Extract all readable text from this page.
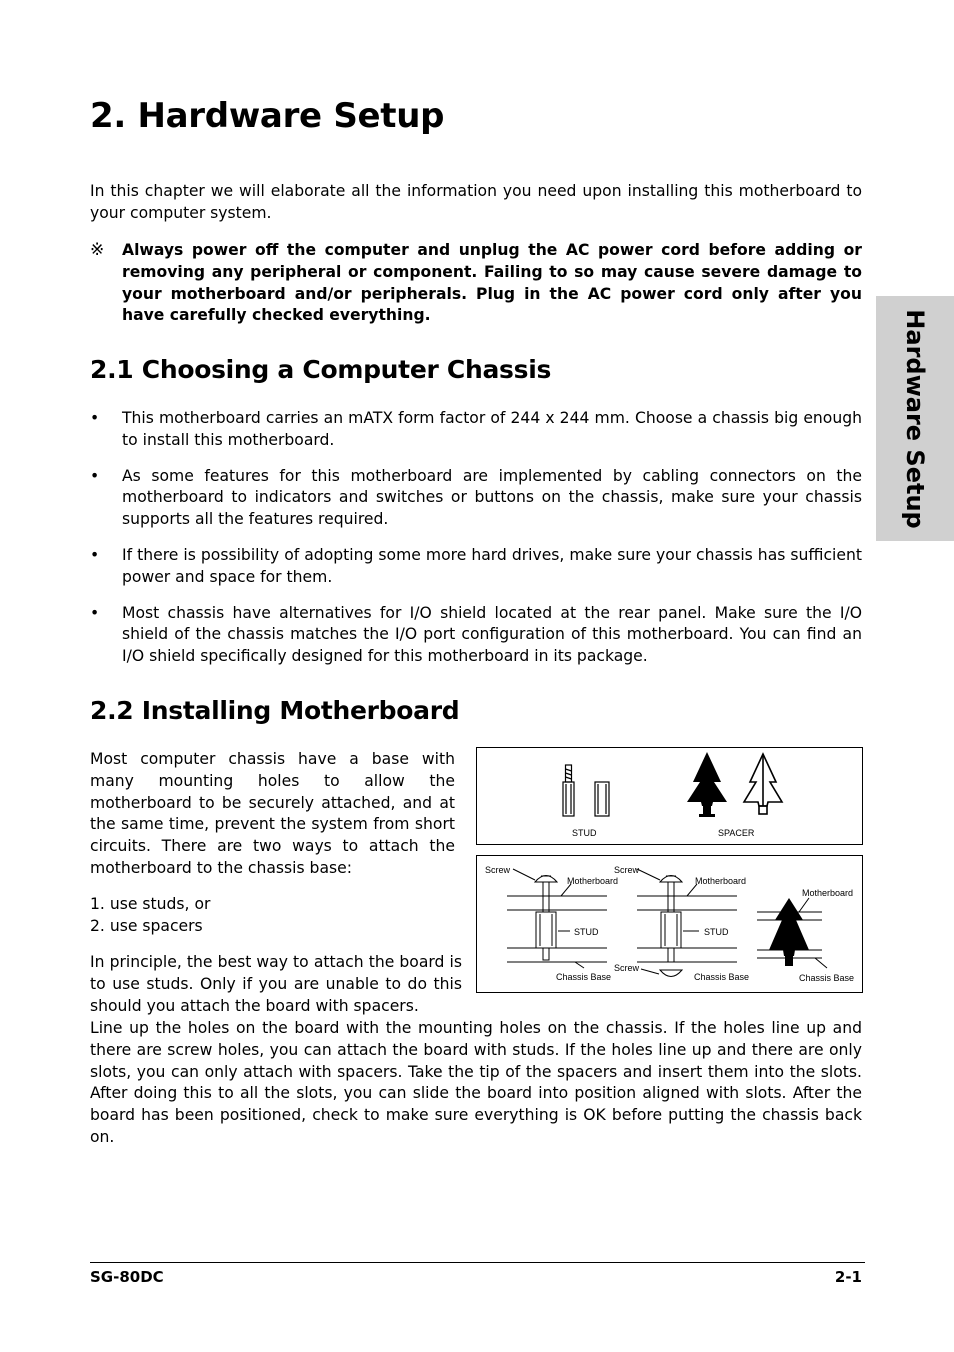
2. Hardware Setup

In this chapter we will elaborate all the information you need upon installing this motherboard to your computer system.

※ Always power off the computer and unplug the AC power cord before adding or removing any peripheral or component. Failing to so may cause severe damage to your motherboard and/or peripherals. Plug in the AC power cord only after you have carefully checked everything.	Hardware Setup
2.1 Choosing a Computer Chassis
• This motherboard carries an mATX form factor of 244 x 244 mm. Choose a chassis big enough to install this motherboard.
• As some features for this motherboard are implemented by cabling connectors on the motherboard to indicators and switches or buttons on the chassis, make sure your chassis supports all the features required.
• If there is possibility of adopting some more hard drives, make sure your chassis has sufficient power and space for them.
• Most chassis have alternatives for I/O shield located at the rear panel. Make sure the I/O shield of the chassis matches the I/O port configuration of this motherboard. You can find an I/O shield specifically designed for this motherboard in its package.
2.2 Installing Motherboard

Most computer chassis have a base with many mounting holes to allow the motherboard to be securely attached, and at the same time, prevent the system from short circuits. There are two ways to attach the motherboard to the chassis base:

1. use studs, or
2. use spacers

In principle, the best way to attach the board is to use studs. Only if you are unable to do this should you attach the board with spacers.

Line up the holes on the board with the mounting holes on the chassis. If the holes line up and there are screw holes, you can attach the board with studs. If the holes line up and there are only slots, you can only attach with spacers. Take the tip of the spacers and insert them into the slots. After doing this to all the slots, you can slide the board into position aligned with slots. After the board has been positioned, check to make sure everything is OK before putting the chassis back on.

STUD	SPACER
Screw
Motherboard
STUD
Chassis Base
Screw
Motherboard
STUD
Screw
Chassis Base
Motherboard
Chassis Base
SG-80DC	2-1
